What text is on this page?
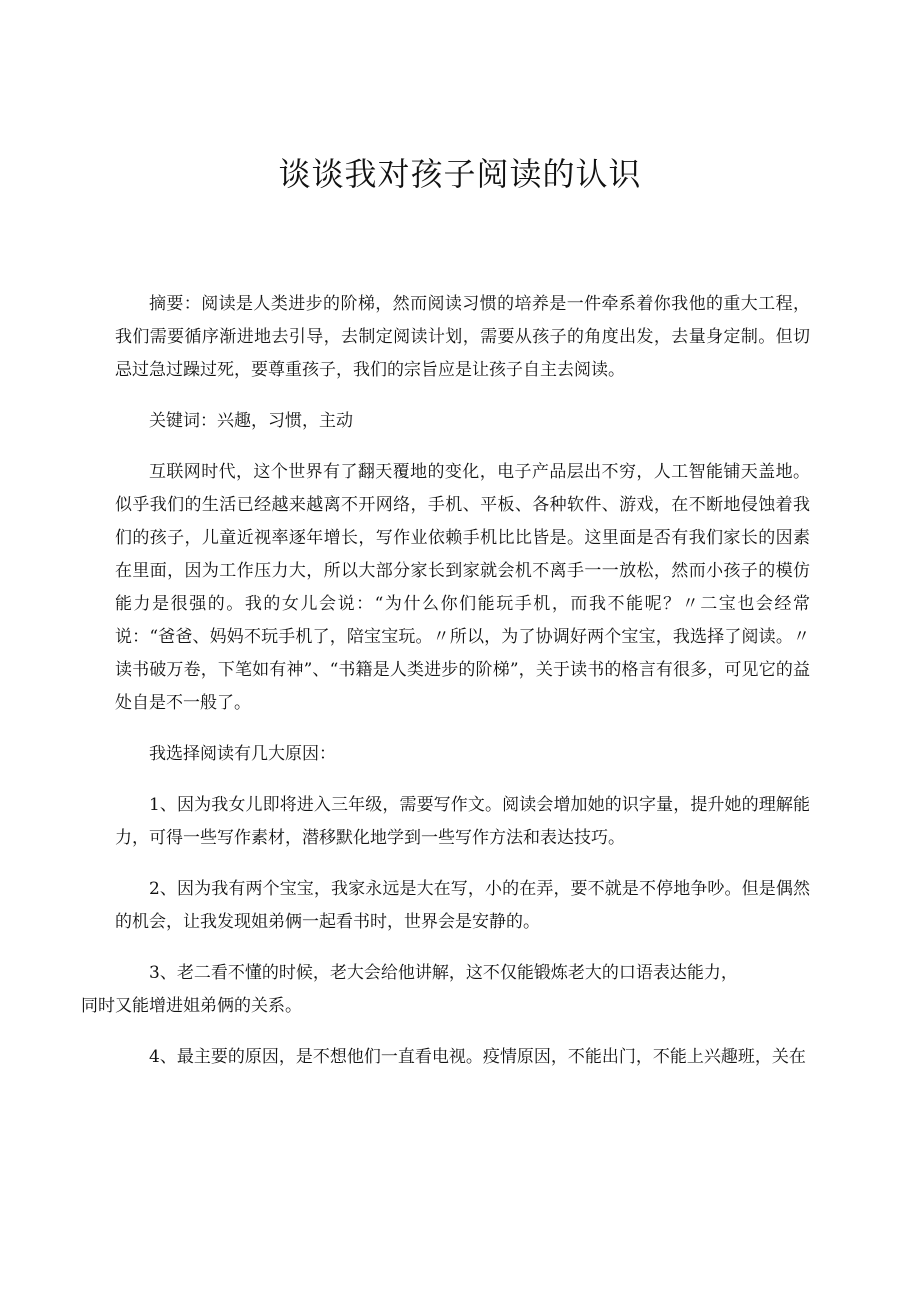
谈谈我对孩子阅读的认识

摘要：阅读是人类进步的阶梯，然而阅读习惯的培养是一件牵系着你我他的重大工程，我们需要循序渐进地去引导，去制定阅读计划，需要从孩子的角度出发，去量身定制。但切忌过急过躁过死，要尊重孩子，我们的宗旨应是让孩子自主去阅读。

关键词：兴趣，习惯，主动

互联网时代，这个世界有了翻天覆地的变化，电子产品层出不穷，人工智能铺天盖地。似乎我们的生活已经越来越离不开网络，手机、平板、各种软件、游戏，在不断地侵蚀着我们的孩子，儿童近视率逐年增长，写作业依赖手机比比皆是。这里面是否有我们家长的因素在里面，因为工作压力大，所以大部分家长到家就会机不离手一一放松，然而小孩子的模仿能力是很强的。我的女儿会说：“为什么你们能玩手机，而我不能呢？〃二宝也会经常说：“爸爸、妈妈不玩手机了，陪宝宝玩。〃所以，为了协调好两个宝宝，我选择了阅读。〃读书破万卷，下笔如有神”、“书籍是人类进步的阶梯”，关于读书的格言有很多，可见它的益处自是不一般了。

我选择阅读有几大原因：

1、因为我女儿即将进入三年级，需要写作文。阅读会增加她的识字量，提升她的理解能力，可得一些写作素材，潜移默化地学到一些写作方法和表达技巧。

2、因为我有两个宝宝，我家永远是大在写，小的在弄，要不就是不停地争吵。但是偶然的机会，让我发现姐弟俩一起看书时，世界会是安静的。

3、老二看不懂的时候，老大会给他讲解，这不仅能锻炼老大的口语表达能力，
同时又能增进姐弟俩的关系。

4、最主要的原因，是不想他们一直看电视。疫情原因，不能出门，不能上兴趣班，关在
